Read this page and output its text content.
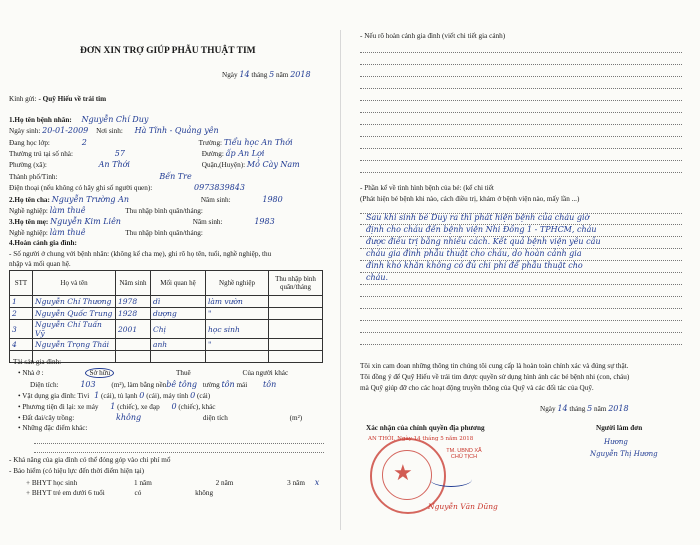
ĐƠN XIN TRỢ GIÚP PHẪU THUẬT TIM
Ngày 14 tháng 5 năm 2018
Kính gửi: - Quỹ Hiếu về trái tim
1.Họ tên bệnh nhân: Nguyễn Chí Duy
Ngày sinh: 20-01-2009 Nơi sinh: Hà Tĩnh - Quảng yên
Đang học lớp:	2	Trường: Tiểu học An Thới
Thường trú tại số nhà:	57	Đường: ấp An Lợi
Phường (xã):	An Thới	Quận,(Huyện): Mỏ Cày Nam
Thành phố/Tỉnh:	Bến Tre
Điện thoại (nếu không có hãy ghi số người quen):	0973839843
2.Họ tên cha: Nguyễn Trường An	Năm sinh:	1980
Nghề nghiệp: làm thuê	Thu nhập bình quân/tháng:
3.Họ tên mẹ: Nguyễn Kim Liên	Năm sinh:	1983
Nghề nghiệp: làm thuê	Thu nhập bình quân/tháng:
4.Hoàn cảnh gia đình:
- Số người ở chung với bệnh nhân: (không kể cha mẹ), ghi rõ họ tên, tuổi, nghề nghiệp, thu
nhập và mối quan hệ.
STT	Họ và tên	Năm sinh	Mối quan hệ	Nghề nghiệp	Thu nhập bình quân/tháng
1	Nguyễn Chí Thương	1978	dì	làm vườn	
2	Nguyễn Quốc Trung	1928	dượng	"	
3	Nguyễn Chí Tuấn Vỹ	2001	Chị	học sinh	
4	Nguyễn Trọng Thái		anh	"	

- Tài sản gia đình:
• Nhà ở :	Sở hữu	Thuê	Của người khác
Diện tích:	103 (m²), làm bằng nềnbê tông tường tôn mái tôn
• Vật dụng gia đình: Tivi 1 (cái), tủ lạnh 0 (cái), máy tính 0 (cái)
• Phương tiện đi lại: xe máy 1 (chiếc), xe đạp 0 (chiếc), khác
• Đất đai/cây trồng:	không	diện tích	(m²)
• Những đặc điểm khác:
- Khả năng của gia đình có thể đóng góp vào chi phí mổ
- Bảo hiểm (có hiệu lực đến thời điểm hiện tại)
+ BHYT học sinh	1 năm	2 năm	3 năm x
+ BHYT trẻ em dưới 6 tuổi	có	không
- Nếu rõ hoàn cảnh gia đình (viết chi tiết gia cảnh)
- Phần kể về tình hình bệnh của bé: (kể chi tiết
(Phát hiện bé bệnh khi nào, cách điều trị, khám ở bệnh viện nào, mấy lần ...)
Sau khi sinh bé Duy ra thì phát hiện bệnh của cháu giờ
định cho cháu đến bệnh viện Nhi Đồng 1 - TPHCM, cháu
được điều trị bằng nhiều cách. Kết quả bệnh viện yêu cầu
cháu gia đình phẫu thuật cho cháu, do hoàn cảnh gia
đình khó khăn không có đủ chi phí để phẫu thuật cho
cháu.
Tôi xin cam đoan những thông tin chúng tôi cung cấp là hoàn toàn chính xác và đúng sự thật.
Tôi đồng ý để Quỹ Hiếu về trái tim được quyền sử dụng hình ảnh các bé bệnh nhi (con, cháu)
mà Quỹ giúp đỡ cho các hoạt động truyền thông của Quỹ và các đối tác của Quỹ.
Ngày 14 tháng 5 năm 2018
Xác nhận của chính quyền địa phương
AN THỚI, Ngày 14 tháng 5 năm 2018
★
TM. UBND XÃ CHỦ TỊCH
Nguyễn Văn Dũng
Người làm đơn
Hương
Nguyễn Thị Hương
